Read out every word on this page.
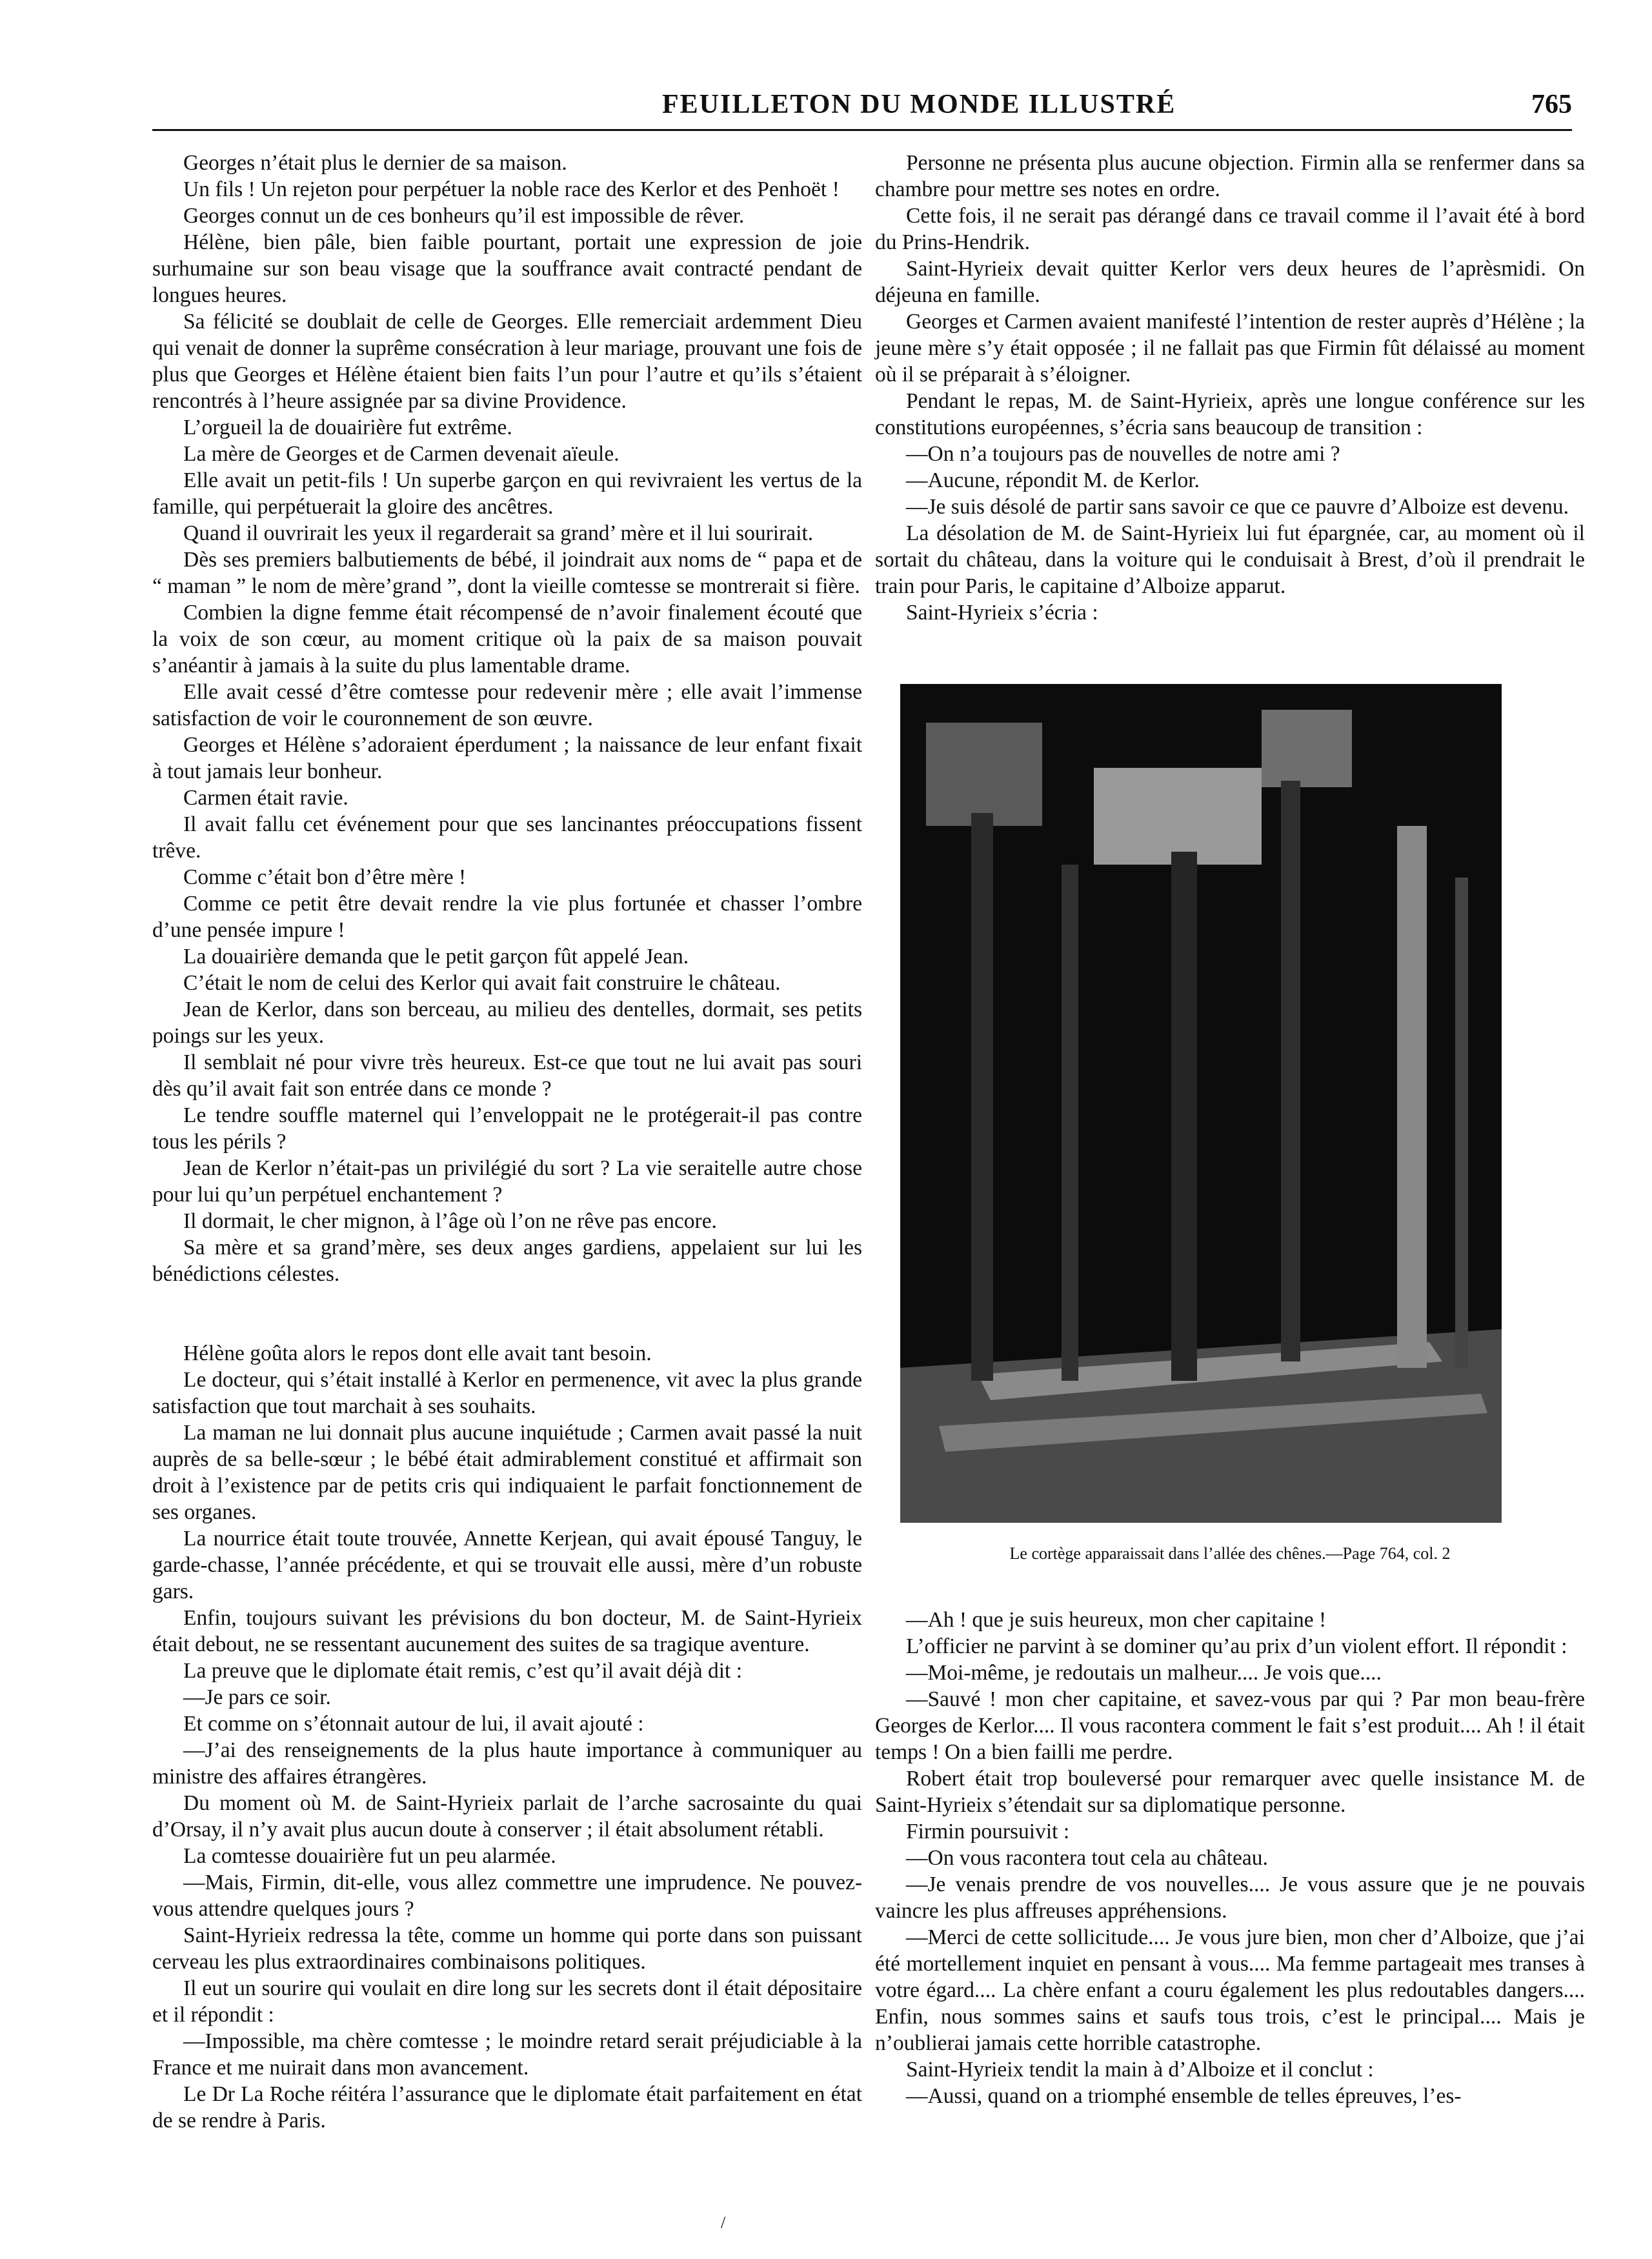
FEUILLETON DU MONDE ILLUSTRÉ	765

Georges n’était plus le dernier de sa maison.

Un fils ! Un rejeton pour perpétuer la noble race des Kerlor et des Penhoët !

Georges connut un de ces bonheurs qu’il est impossible de rêver.

Hélène, bien pâle, bien faible pourtant, portait une expression de joie surhumaine sur son beau visage que la souffrance avait contracté pendant de longues heures.

Sa félicité se doublait de celle de Georges. Elle remerciait ardemment Dieu qui venait de donner la suprême consécration à leur mariage, prouvant une fois de plus que Georges et Hélène étaient bien faits l’un pour l’autre et qu’ils s’étaient rencontrés à l’heure assignée par sa divine Providence.

L’orgueil la de douairière fut extrême.

La mère de Georges et de Carmen devenait aïeule.

Elle avait un petit-fils ! Un superbe garçon en qui revivraient les vertus de la famille, qui perpétuerait la gloire des ancêtres.

Quand il ouvrirait les yeux il regarderait sa grand’ mère et il lui sourirait.

Dès ses premiers balbutiements de bébé, il joindrait aux noms de “ papa et de “ maman ” le nom de mère’grand ”, dont la vieille comtesse se montrerait si fière.

Combien la digne femme était récompensé de n’avoir finalement écouté que la voix de son cœur, au moment critique où la paix de sa maison pouvait s’anéantir à jamais à la suite du plus lamentable drame.

Elle avait cessé d’être comtesse pour redevenir mère ; elle avait l’immense satisfaction de voir le couronnement de son œuvre.

Georges et Hélène s’adoraient éperdument ; la naissance de leur enfant fixait à tout jamais leur bonheur.

Carmen était ravie.

Il avait fallu cet événement pour que ses lancinantes préoccupations fissent trêve.

Comme c’était bon d’être mère !

Comme ce petit être devait rendre la vie plus fortunée et chasser l’ombre d’une pensée impure !

La douairière demanda que le petit garçon fût appelé Jean.

C’était le nom de celui des Kerlor qui avait fait construire le château.

Jean de Kerlor, dans son berceau, au milieu des dentelles, dormait, ses petits poings sur les yeux.

Il semblait né pour vivre très heureux. Est-ce que tout ne lui avait pas souri dès qu’il avait fait son entrée dans ce monde ?

Le tendre souffle maternel qui l’enveloppait ne le protégerait-il pas contre tous les périls ?

Jean de Kerlor n’était-pas un privilégié du sort ? La vie seraitelle autre chose pour lui qu’un perpétuel enchantement ?

Il dormait, le cher mignon, à l’âge où l’on ne rêve pas encore.

Sa mère et sa grand’mère, ses deux anges gardiens, appelaient sur lui les bénédictions célestes.

Hélène goûta alors le repos dont elle avait tant besoin.

Le docteur, qui s’était installé à Kerlor en permenence, vit avec la plus grande satisfaction que tout marchait à ses souhaits.

La maman ne lui donnait plus aucune inquiétude ; Carmen avait passé la nuit auprès de sa belle-sœur ; le bébé était admirablement constitué et affirmait son droit à l’existence par de petits cris qui indiquaient le parfait fonctionnement de ses organes.

La nourrice était toute trouvée, Annette Kerjean, qui avait épousé Tanguy, le garde-chasse, l’année précédente, et qui se trouvait elle aussi, mère d’un robuste gars.

Enfin, toujours suivant les prévisions du bon docteur, M. de Saint-Hyrieix était debout, ne se ressentant aucunement des suites de sa tragique aventure.

La preuve que le diplomate était remis, c’est qu’il avait déjà dit :

—Je pars ce soir.

Et comme on s’étonnait autour de lui, il avait ajouté :

—J’ai des renseignements de la plus haute importance à communiquer au ministre des affaires étrangères.

Du moment où M. de Saint-Hyrieix parlait de l’arche sacrosainte du quai d’Orsay, il n’y avait plus aucun doute à conserver ; il était absolument rétabli.

La comtesse douairière fut un peu alarmée.

—Mais, Firmin, dit-elle, vous allez commettre une imprudence. Ne pouvez-vous attendre quelques jours ?

Saint-Hyrieix redressa la tête, comme un homme qui porte dans son puissant cerveau les plus extraordinaires combinaisons politiques.

Il eut un sourire qui voulait en dire long sur les secrets dont il était dépositaire et il répondit :

—Impossible, ma chère comtesse ; le moindre retard serait préjudiciable à la France et me nuirait dans mon avancement.

Le Dr La Roche réitéra l’assurance que le diplomate était parfaitement en état de se rendre à Paris.

Personne ne présenta plus aucune objection. Firmin alla se renfermer dans sa chambre pour mettre ses notes en ordre.

Cette fois, il ne serait pas dérangé dans ce travail comme il l’avait été à bord du Prins-Hendrik.

Saint-Hyrieix devait quitter Kerlor vers deux heures de l’aprèsmidi. On déjeuna en famille.

Georges et Carmen avaient manifesté l’intention de rester auprès d’Hélène ; la jeune mère s’y était opposée ; il ne fallait pas que Firmin fût délaissé au moment où il se préparait à s’éloigner.

Pendant le repas, M. de Saint-Hyrieix, après une longue conférence sur les constitutions européennes, s’écria sans beaucoup de transition :

—On n’a toujours pas de nouvelles de notre ami ?

—Aucune, répondit M. de Kerlor.

—Je suis désolé de partir sans savoir ce que ce pauvre d’Alboize est devenu.

La désolation de M. de Saint-Hyrieix lui fut épargnée, car, au moment où il sortait du château, dans la voiture qui le conduisait à Brest, d’où il prendrait le train pour Paris, le capitaine d’Alboize apparut.

Saint-Hyrieix s’écria :

Le cortège apparaissait dans l’allée des chênes.—Page 764, col. 2

—Ah ! que je suis heureux, mon cher capitaine !

L’officier ne parvint à se dominer qu’au prix d’un violent effort. Il répondit :

—Moi-même, je redoutais un malheur.... Je vois que....

—Sauvé ! mon cher capitaine, et savez-vous par qui ? Par mon beau-frère Georges de Kerlor.... Il vous racontera comment le fait s’est produit.... Ah ! il était temps ! On a bien failli me perdre.

Robert était trop bouleversé pour remarquer avec quelle insistance M. de Saint-Hyrieix s’étendait sur sa diplomatique personne.

Firmin poursuivit :

—On vous racontera tout cela au château.

—Je venais prendre de vos nouvelles.... Je vous assure que je ne pouvais vaincre les plus affreuses appréhensions.

—Merci de cette sollicitude.... Je vous jure bien, mon cher d’Alboize, que j’ai été mortellement inquiet en pensant à vous.... Ma femme partageait mes transes à votre égard.... La chère enfant a couru également les plus redoutables dangers.... Enfin, nous sommes sains et saufs tous trois, c’est le principal.... Mais je n’oublierai jamais cette horrible catastrophe.

Saint-Hyrieix tendit la main à d’Alboize et il conclut :

—Aussi, quand on a triomphé ensemble de telles épreuves, l’es-

/
